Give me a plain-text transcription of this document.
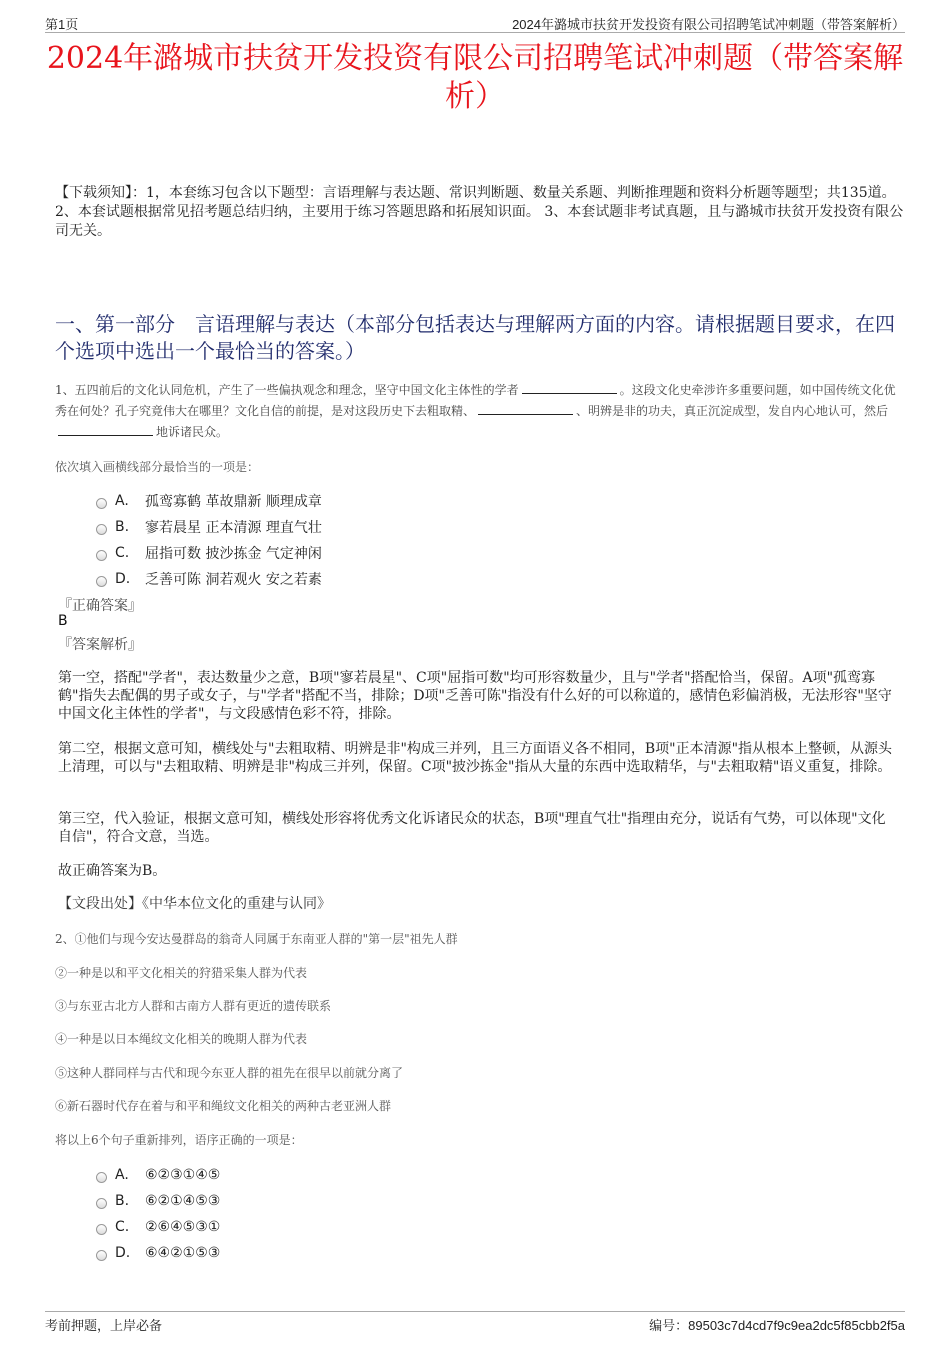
第1页	2024年潞城市扶贫开发投资有限公司招聘笔试冲刺题（带答案解析）
2024年潞城市扶贫开发投资有限公司招聘笔试冲刺题（带答案解析）
【下载须知】：1，本套练习包含以下题型：言语理解与表达题、常识判断题、数量关系题、判断推理题和资料分析题等题型；共135道。 2、本套试题根据常见招考题总结归纳，主要用于练习答题思路和拓展知识面。 3、本套试题非考试真题，且与潞城市扶贫开发投资有限公司无关。
一、第一部分　言语理解与表达（本部分包括表达与理解两方面的内容。请根据题目要求，在四个选项中选出一个最恰当的答案。）
1、五四前后的文化认同危机，产生了一些偏执观念和理念，坚守中国文化主体性的学者	。这段文化史牵涉许多重要问题，如中国传统文化优秀在何处？孔子究竟伟大在哪里？文化自信的前提，是对这段历史下去粗取精、	、明辨是非的功夫，真正沉淀成型，发自内心地认可，然后地诉诸民众。
依次填入画横线部分最恰当的一项是：
A.	孤鸾寡鹤 革故鼎新 顺理成章
B.	寥若晨星 正本清源 理直气壮
C.	屈指可数 披沙拣金 气定神闲
D.	乏善可陈 洞若观火 安之若素
『正确答案』
B
『答案解析』
第一空，搭配"学者"，表达数量少之意，B项"寥若晨星"、C项"屈指可数"均可形容数量少，且与"学者"搭配恰当，保留。A项"孤鸾寡鹤"指失去配偶的男子或女子，与"学者"搭配不当，排除；D项"乏善可陈"指没有什么好的可以称道的，感情色彩偏消极，无法形容"坚守中国文化主体性的学者"，与文段感情色彩不符，排除。
第二空，根据文意可知，横线处与"去粗取精、明辨是非"构成三并列，且三方面语义各不相同，B项"正本清源"指从根本上整顿，从源头上清理，可以与"去粗取精、明辨是非"构成三并列，保留。C项"披沙拣金"指从大量的东西中选取精华，与"去粗取精"语义重复，排除。
第三空，代入验证，根据文意可知，横线处形容将优秀文化诉诸民众的状态，B项"理直气壮"指理由充分，说话有气势，可以体现"文化自信"，符合文意，当选。
故正确答案为B。
【文段出处】《中华本位文化的重建与认同》
2、①他们与现今安达曼群岛的翁奇人同属于东南亚人群的"第一层"祖先人群
②一种是以和平文化相关的狩猎采集人群为代表
③与东亚古北方人群和古南方人群有更近的遗传联系
④一种是以日本绳纹文化相关的晚期人群为代表
⑤这种人群同样与古代和现今东亚人群的祖先在很早以前就分离了
⑥新石器时代存在着与和平和绳纹文化相关的两种古老亚洲人群
将以上6个句子重新排列，语序正确的一项是：
A.	⑥②③①④⑤
B.	⑥②①④⑤③
C.	②⑥④⑤③①
D.	⑥④②①⑤③
考前押题，上岸必备	编号：89503c7d4cd7f9c9ea2dc5f85cbb2f5a
